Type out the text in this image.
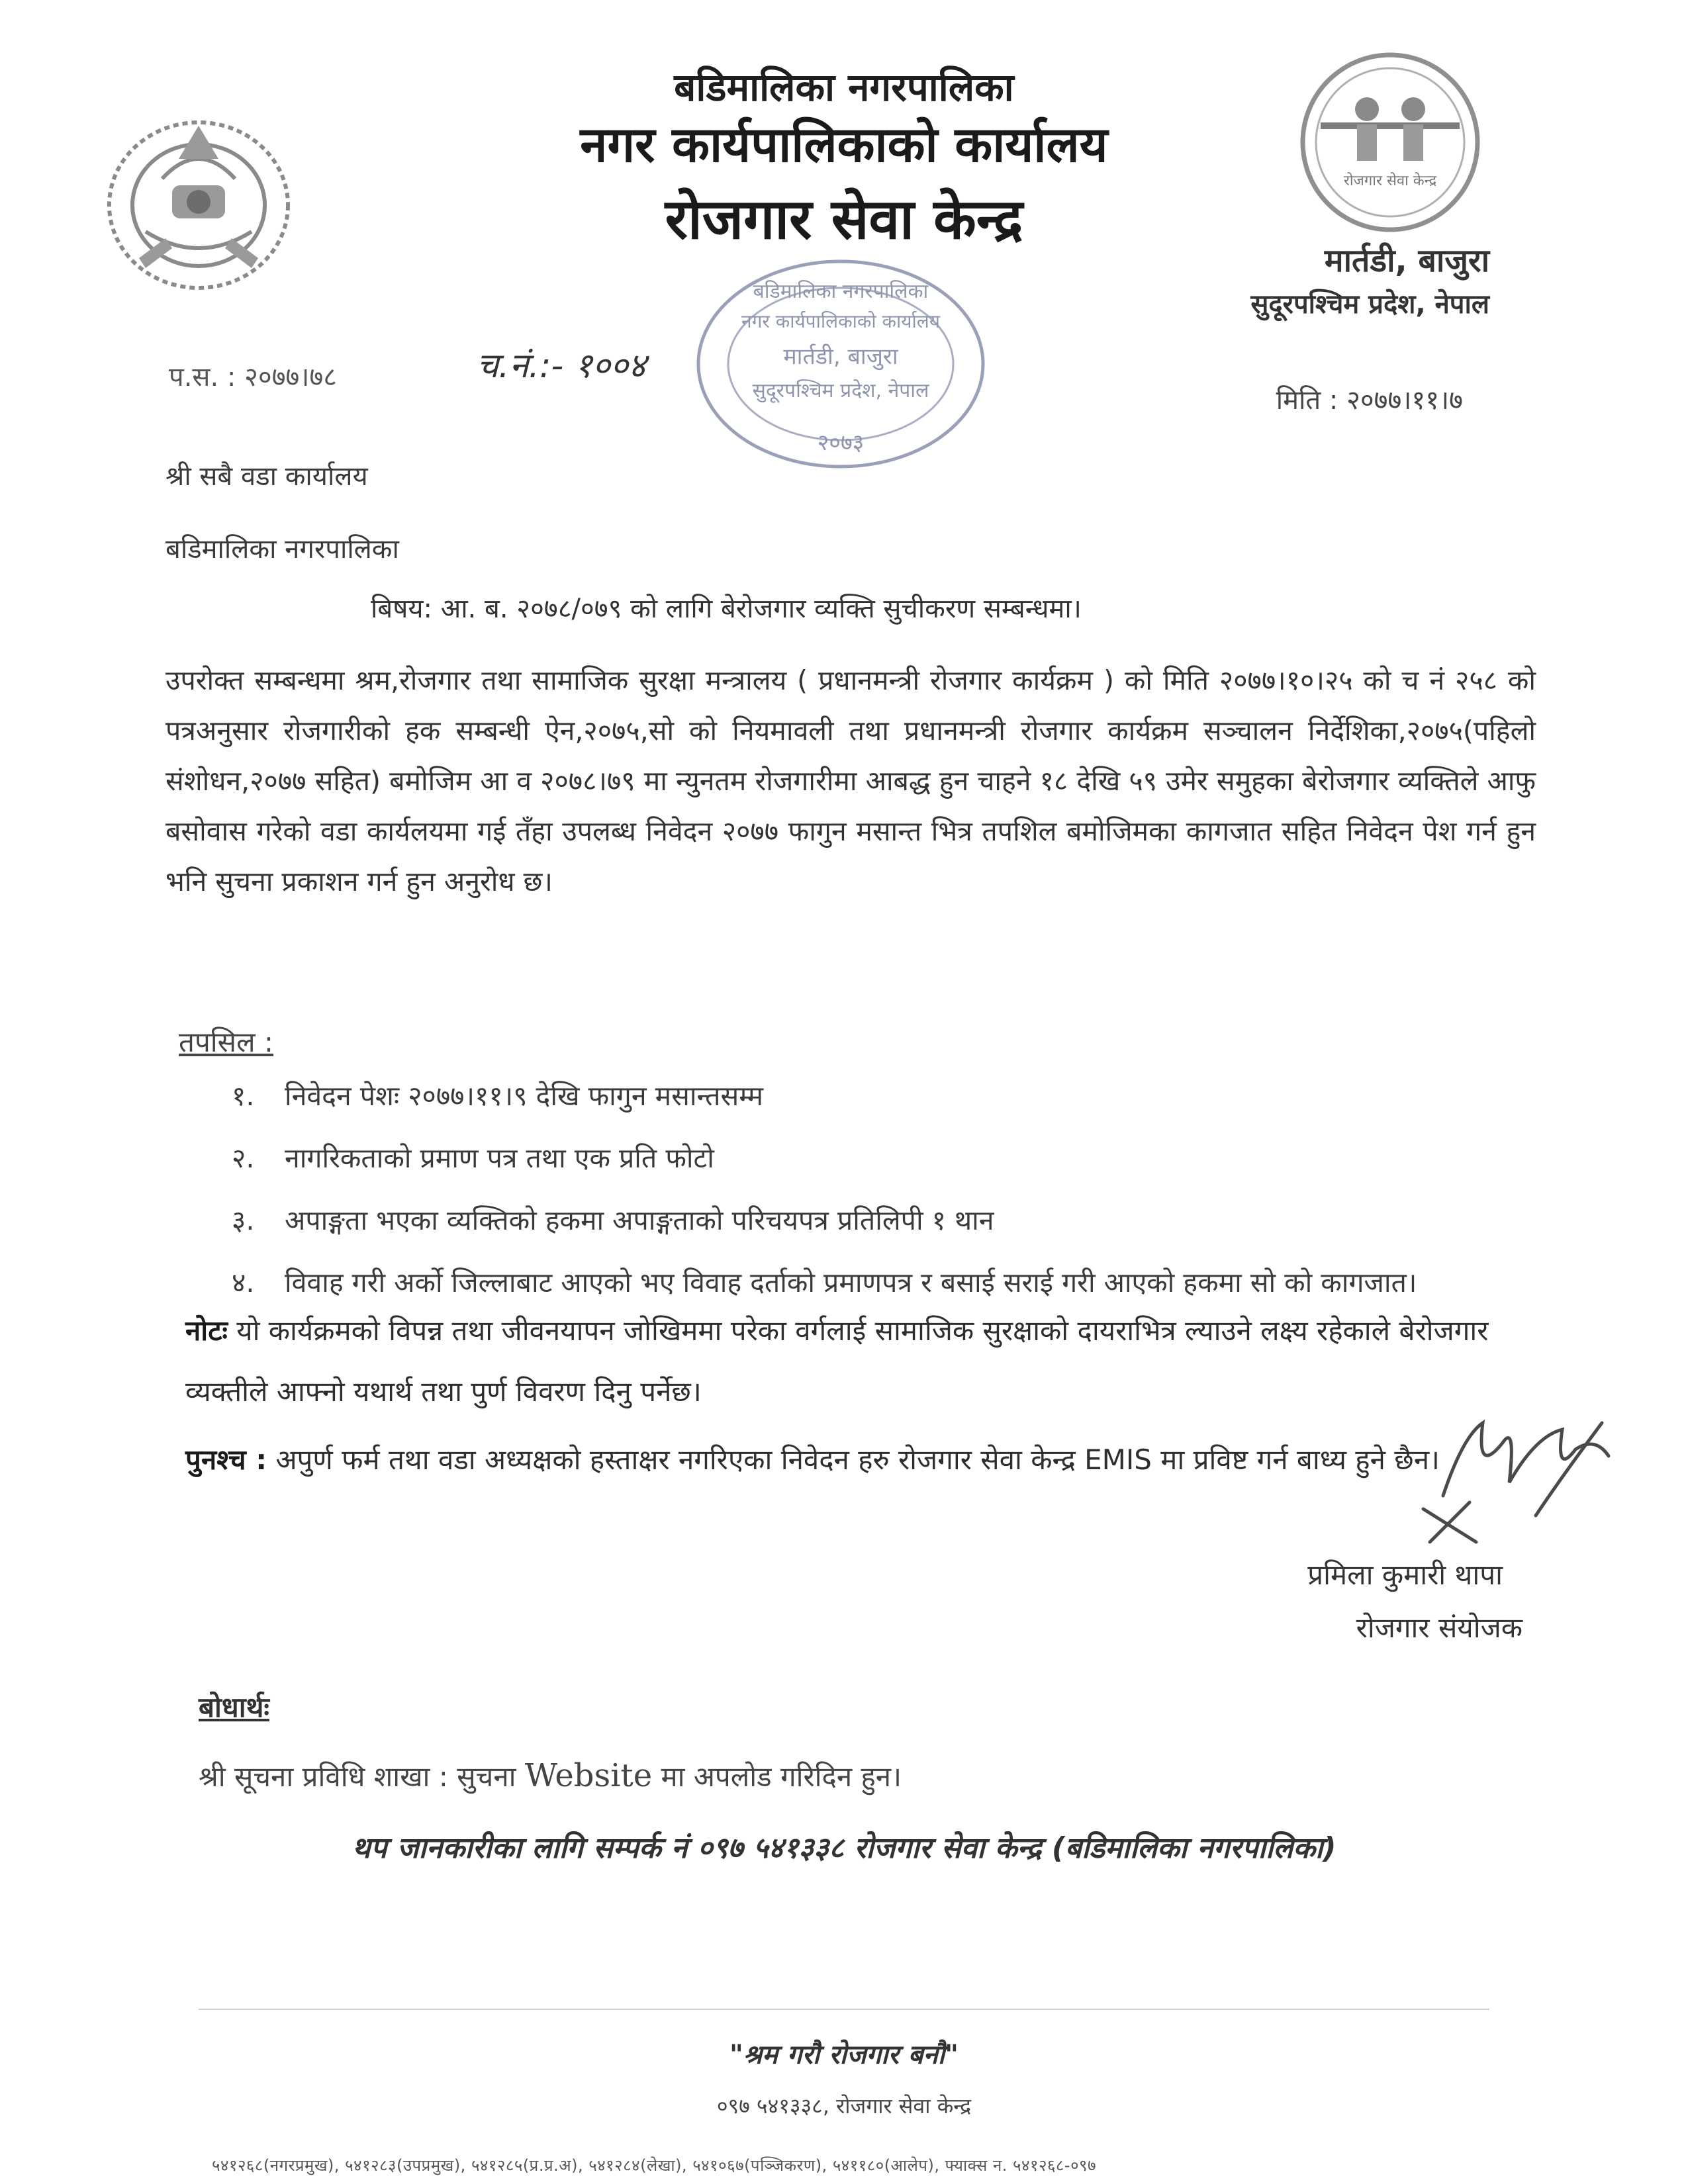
रोजगार सेवा केन्द्र
बडिमालिका नगरपालिका
नगर कार्यपालिकाको कार्यालय
रोजगार सेवा केन्द्र
मार्तडी, बाजुरा
सुदूरपश्चिम प्रदेश, नेपाल
बडिमालिका नगरपालिका
नगर कार्यपालिकाको कार्यालय
मार्तडी, बाजुरा
सुदूरपश्चिम प्रदेश, नेपाल
२०७३
प.स. : २०७७।७८	च.नं.:- १००४
मिति : २०७७।११।७
श्री सबै वडा कार्यालय
बडिमालिका नगरपालिका
बिषय: आ. ब. २०७८/०७९ को लागि बेरोजगार व्यक्ति सुचीकरण सम्बन्धमा।
उपरोक्त सम्बन्धमा श्रम,रोजगार तथा सामाजिक सुरक्षा मन्त्रालय ( प्रधानमन्त्री रोजगार कार्यक्रम ) को मिति २०७७।१०।२५ को च नं २५८ को पत्रअनुसार रोजगारीको हक सम्बन्धी ऐन,२०७५,सो को नियमावली तथा प्रधानमन्त्री रोजगार कार्यक्रम सञ्चालन निर्देशिका,२०७५(पहिलो संशोधन,२०७७ सहित) बमोजिम आ व २०७८।७९ मा न्युनतम रोजगारीमा आबद्ध हुन चाहने १८ देखि ५९ उमेर समुहका बेरोजगार व्यक्तिले आफु बसोवास गरेको वडा कार्यलयमा गई तँहा उपलब्ध निवेदन २०७७ फागुन मसान्त भित्र तपशिल बमोजिमका कागजात सहित निवेदन पेश गर्न हुन भनि सुचना प्रकाशन गर्न हुन अनुरोध छ।
तपसिल :
१.	निवेदन पेशः २०७७।११।९ देखि फागुन मसान्तसम्म
२.	नागरिकताको प्रमाण पत्र तथा एक प्रति फोटो
३.	अपाङ्गता भएका व्यक्तिको हकमा अपाङ्गताको परिचयपत्र प्रतिलिपी १ थान
४.	विवाह गरी अर्को जिल्लाबाट आएको भए विवाह दर्ताको प्रमाणपत्र र बसाई सराई गरी आएको हकमा सो को कागजात।
नोटः यो कार्यक्रमको विपन्न तथा जीवनयापन जोखिममा परेका वर्गलाई सामाजिक सुरक्षाको दायराभित्र ल्याउने लक्ष्य रहेकाले बेरोजगार व्यक्तीले आफ्नो यथार्थ तथा पुर्ण विवरण दिनु पर्नेछ।
पुनश्च : अपुर्ण फर्म तथा वडा अध्यक्षको हस्ताक्षर नगरिएका निवेदन हरु रोजगार सेवा केन्द्र EMIS मा प्रविष्ट गर्न बाध्य हुने छैन।
प्रमिला कुमारी थापा
रोजगार संयोजक
बोधार्थः
श्री सूचना प्रविधि शाखा : सुचना Website मा अपलोड गरिदिन हुन।
थप जानकारीका लागि सम्पर्क नं ०९७ ५४१३३८ रोजगार सेवा केन्द्र (बडिमालिका नगरपालिका)
"श्रम गरौ रोजगार बनौ"
०९७ ५४१३३८, रोजगार सेवा केन्द्र
५४१२६८(नगरप्रमुख), ५४१२८३(उपप्रमुख), ५४१२८५(प्र.प्र.अ), ५४१२८४(लेखा), ५४१०६७(पञ्जिकरण), ५४११८०(आलेप), फ्याक्स न. ५४१२६८-०९७
